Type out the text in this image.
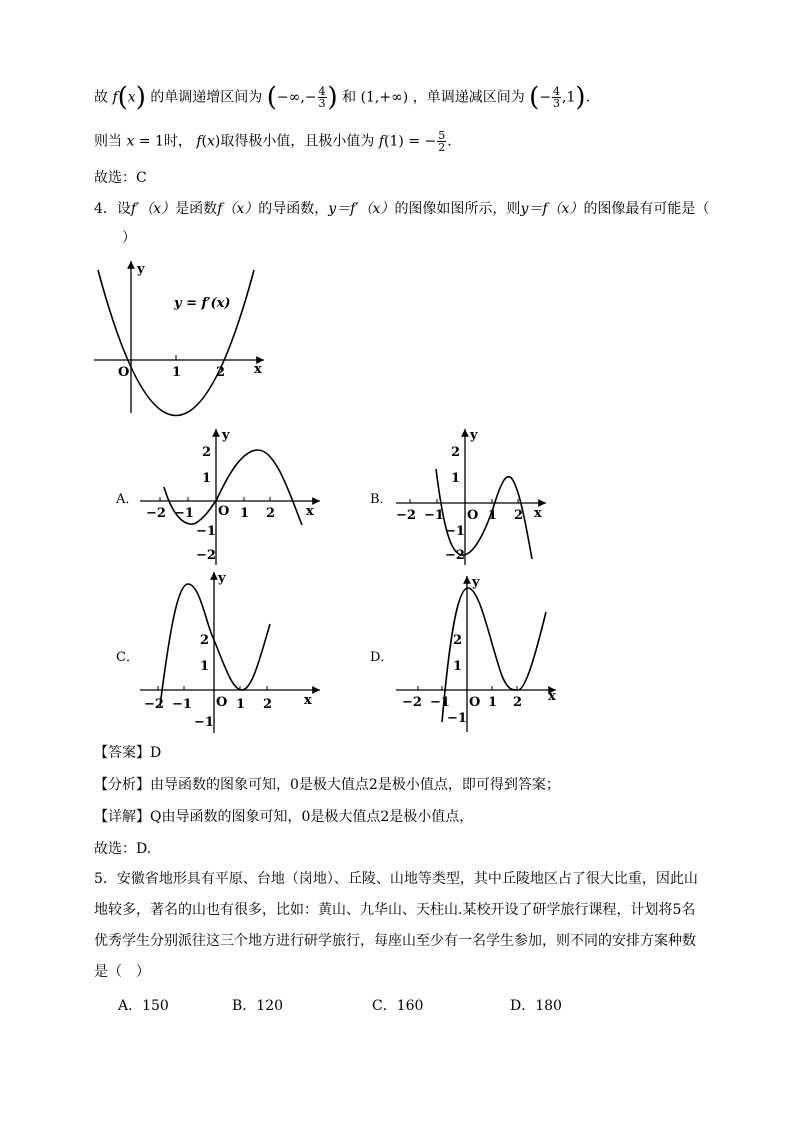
故 f(x) 的单调递增区间为 (−∞,− $\frac{4}{3}$ ) 和 (1,+∞) ，单调递减区间为 (− $\frac{4}{3} ,1$).
则当 x = 1时， f(x)取得极小值，且极小值为 f(1) = − $\frac{5}{2}$ .
故选：C
4．设f′（x）是函数f（x）的导函数，y＝f′（x）的图像如图所示，则y＝f（x）的图像最有可能是（
　）
y
x
O	1	2
y = f′(x)
A．
y
x
O
−2 −1	1 2
2
1
−1
−2
B．
y
x
O
−2 −1	1 2
2
1
−1
−2
C．
y
x
O
−2 −1	1 2
2
1
−1
D．
y
x
O
−2 −1	1 2
2
1
−1
【答案】D
【分析】由导函数的图象可知，0是极大值点2是极小值点，即可得到答案；
【详解】Q由导函数的图象可知，0是极大值点2是极小值点，
故选：D.
5．安徽省地形具有平原、台地（岗地）、丘陵、山地等类型，其中丘陵地区占了很大比重，因此山
地较多，著名的山也有很多，比如：黄山、九华山、天柱山.某校开设了研学旅行课程，计划将5名
优秀学生分别派往这三个地方进行研学旅行，每座山至少有一名学生参加，则不同的安排方案种数
是（　）
A．150	B．120	C．160	D．180
